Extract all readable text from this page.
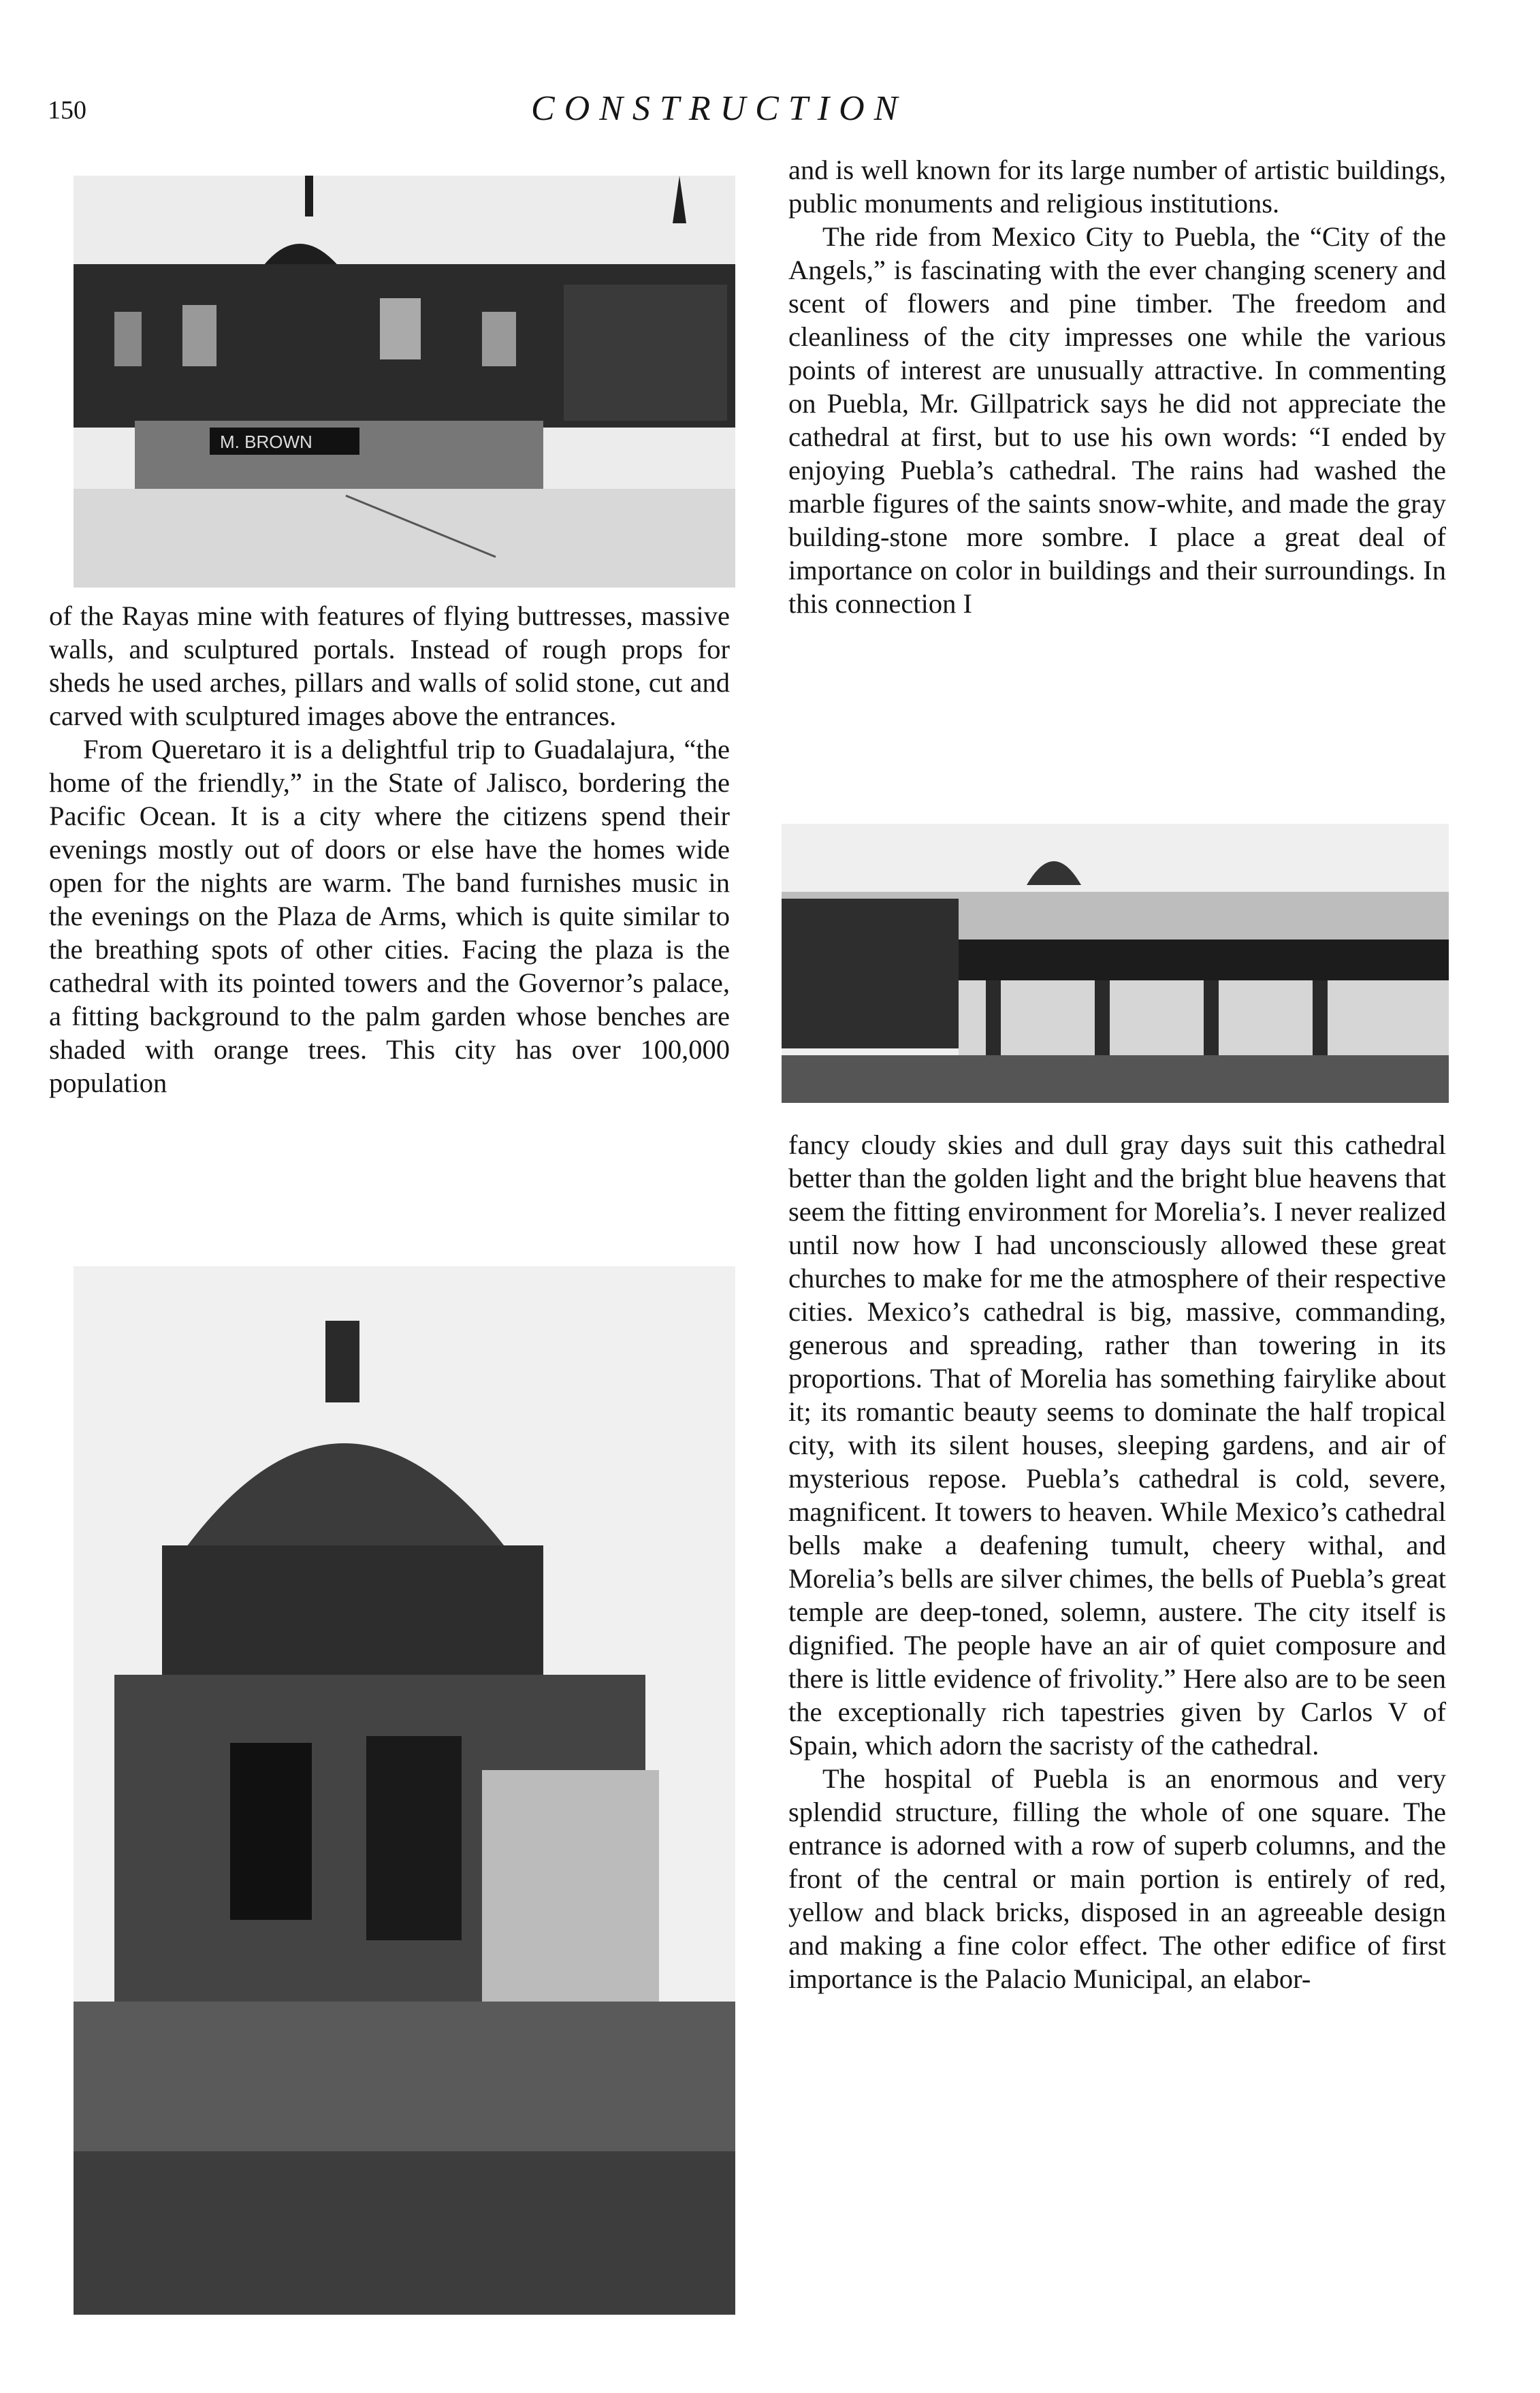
150	CONSTRUCTION
M. BROWN

of the Rayas mine with features of flying buttresses, massive walls, and sculptured portals. Instead of rough props for sheds he used arches, pillars and walls of solid stone, cut and carved with sculptured images above the entrances.

From Queretaro it is a delightful trip to Guadalajura, “the home of the friendly,” in the State of Jalisco, bordering the Pacific Ocean. It is a city where the citizens spend their evenings mostly out of doors or else have the homes wide open for the nights are warm. The band furnishes music in the evenings on the Plaza de Arms, which is quite similar to the breathing spots of other cities. Facing the plaza is the cathedral with its pointed towers and the Governor’s palace, a fitting background to the palm garden whose benches are shaded with orange trees. This city has over 100,000 population

and is well known for its large number of artistic buildings, public monuments and religious institutions.

The ride from Mexico City to Puebla, the “City of the Angels,” is fascinating with the ever changing scenery and scent of flowers and pine timber. The freedom and cleanliness of the city impresses one while the various points of interest are unusually attractive. In commenting on Puebla, Mr. Gillpatrick says he did not appreciate the cathedral at first, but to use his own words: “I ended by enjoying Puebla’s cathedral. The rains had washed the marble figures of the saints snow-white, and made the gray building-stone more sombre. I place a great deal of importance on color in buildings and their surroundings. In this connection I

fancy cloudy skies and dull gray days suit this cathedral better than the golden light and the bright blue heavens that seem the fitting environment for Morelia’s. I never realized until now how I had unconsciously allowed these great churches to make for me the atmosphere of their respective cities. Mexico’s cathedral is big, massive, commanding, generous and spreading, rather than towering in its proportions. That of Morelia has something fairylike about it; its romantic beauty seems to dominate the half tropical city, with its silent houses, sleeping gardens, and air of mysterious repose. Puebla’s cathedral is cold, severe, magnificent. It towers to heaven. While Mexico’s cathedral bells make a deafening tumult, cheery withal, and Morelia’s bells are silver chimes, the bells of Puebla’s great temple are deep-toned, solemn, austere. The city itself is dignified. The people have an air of quiet composure and there is little evidence of frivolity.” Here also are to be seen the exceptionally rich tapestries given by Carlos V of Spain, which adorn the sacristy of the cathedral.

The hospital of Puebla is an enormous and very splendid structure, filling the whole of one square. The entrance is adorned with a row of superb columns, and the front of the central or main portion is entirely of red, yellow and black bricks, disposed in an agreeable design and making a fine color effect. The other edifice of first importance is the Palacio Municipal, an elabor-
